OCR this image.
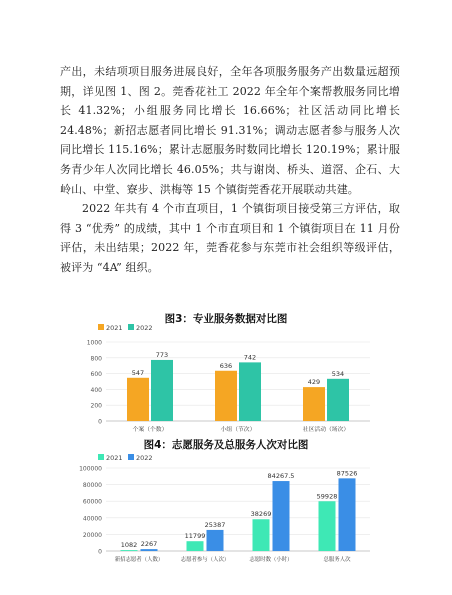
产出，未结项项目服务进展良好，全年各项服务服务产出数量远超预期，详见图 1、图 2。莞香花社工 2022 年全年个案帮教服务同比增长 41.32%；小组服务同比增长 16.66%；社区活动同比增长 24.48%；新招志愿者同比增长 91.31%；调动志愿者参与服务人次同比增长 115.16%；累计志愿服务时数同比增长 120.19%；累计服务青少年人次同比增长 46.05%；共与谢岗、桥头、道滘、企石、大岭山、中堂、寮步、洪梅等 15 个镇街莞香花开展联动共建。

2022 年共有 4 个市直项目，1 个镇街项目接受第三方评估，取得 3 “优秀” 的成绩，其中 1 个市直项目和 1 个镇街项目在 11 月份评估，未出结果；2022 年，莞香花参与东莞市社会组织等级评估，被评为 “4A” 组织。

图3：专业服务数据对比图
2021 2022
0
200
400
600
800
1000
547
773
个案（个数）
636
742
小组（节次）
429
534
社区活动（场次）
图4：志愿服务及总服务人次对比图
2021 2022
0
20000
40000
60000
80000
100000
1082 2267
新招志愿者（人数）
11799
25387
志愿者参与（人次）
38269
84267.5
志愿时数（小时）
59928
87526
总服务人次
